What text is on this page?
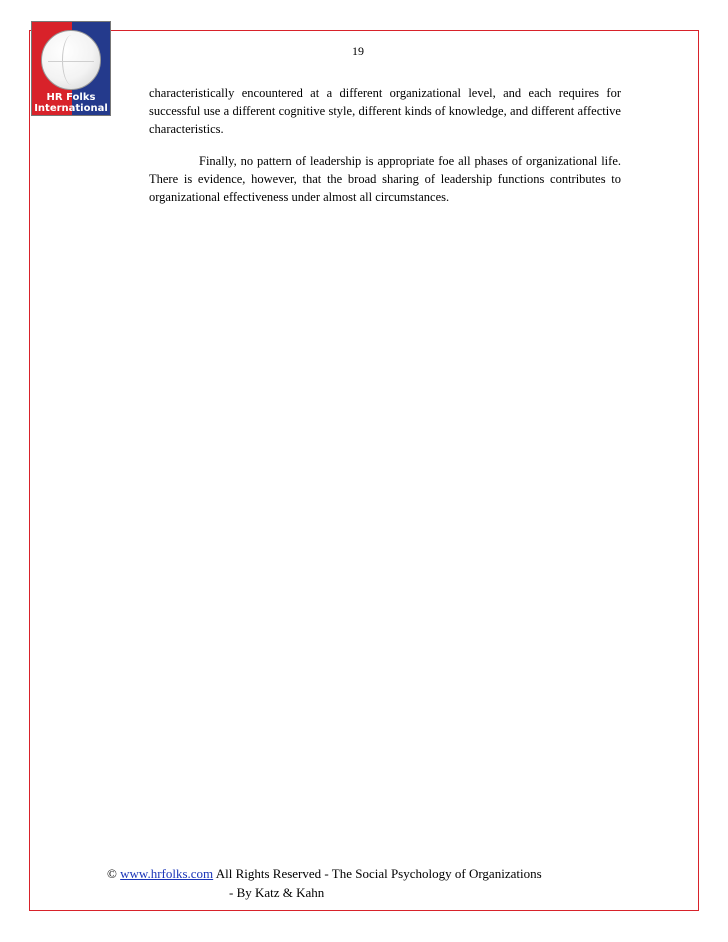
HR Folks
International
19

characteristically encountered at a different organizational level, and each requires for successful use a different cognitive style, different kinds of knowledge, and different affective characteristics.

Finally, no pattern of leadership is appropriate foe all phases of organizational life. There is evidence, however, that the broad sharing of leadership functions contributes to organizational effectiveness under almost all circumstances.

© www.hrfolks.com All Rights Reserved - The Social Psychology of Organizations
- By Katz & Kahn
